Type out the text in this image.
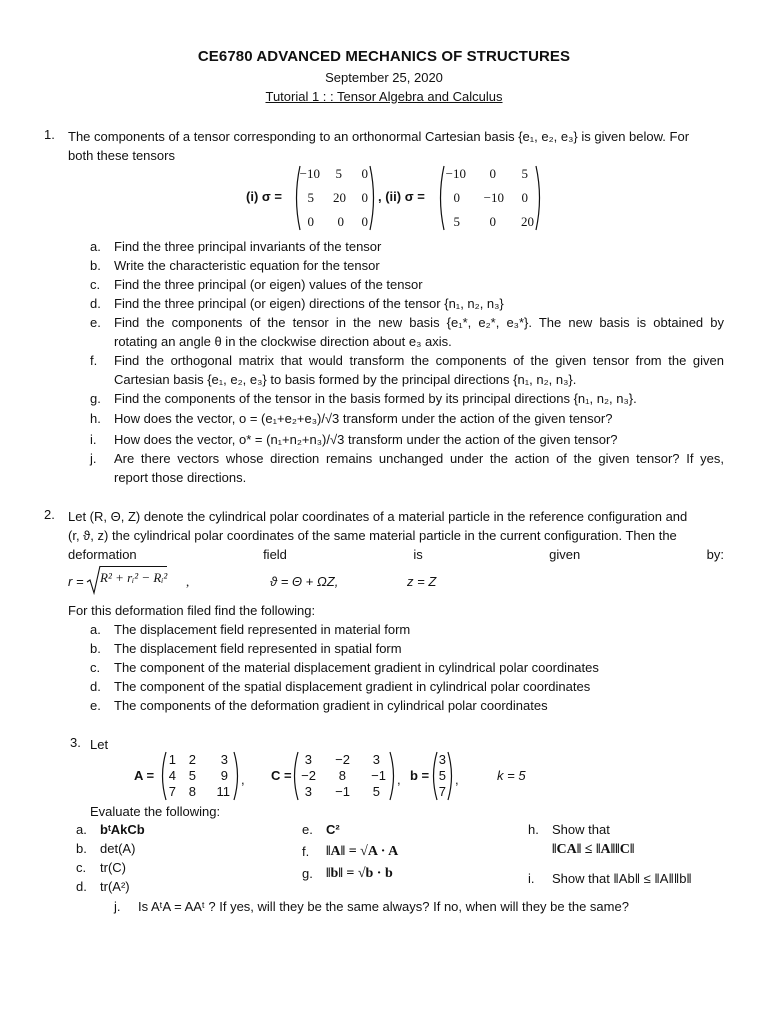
CE6780 ADVANCED MECHANICS OF STRUCTURES
September 25, 2020
Tutorial 1 : : Tensor Algebra and Calculus
1. The components of a tensor corresponding to an orthonormal Cartesian basis {e₁, e₂, e₃} is given below. For
both these tensors
(i) σ =
−10	5	0
5	20	0
0	0	0
, (ii) σ =
−10	0	5
0	−10	0
5	0	20
a. Find the three principal invariants of the tensor
b. Write the characteristic equation for the tensor
c. Find the three principal (or eigen) values of the tensor
d. Find the three principal (or eigen) directions of the tensor {n₁, n₂, n₃}
e. Find the components of the tensor in the new basis {e₁*, e₂*, e₃*}. The new basis is obtained by
rotating an angle θ in the clockwise direction about e₃ axis.
f. Find the orthogonal matrix that would transform the components of the given tensor from the given
Cartesian basis {e₁, e₂, e₃} to basis formed by the principal directions {n₁, n₂, n₃}.
g. Find the components of the tensor in the basis formed by its principal directions {n₁, n₂, n₃}.
h. How does the vector, o = (e₁+e₂+e₃)/√3 transform under the action of the given tensor?
i. How does the vector, o* = (n₁+n₂+n₃)/√3 transform under the action of the given tensor?
j. Are there vectors whose direction remains unchanged under the action of the given tensor? If yes,
report those directions.
2. Let (R, Θ, Z) denote the cylindrical polar coordinates of a material particle in the reference configuration and
(r, ϑ, z) the cylindrical polar coordinates of the same material particle in the current configuration. Then the
deformation	field	is	given	by:
r = R² + rᵢ² − Rᵢ² ,	ϑ = Θ + ΩZ,	z = Z
For this deformation filed find the following:
a. The displacement field represented in material form
b. The displacement field represented in spatial form
c. The component of the material displacement gradient in cylindrical polar coordinates
d. The component of the spatial displacement gradient in cylindrical polar coordinates
e. The components of the deformation gradient in cylindrical polar coordinates
3. Let
A =
1 2	3
4 5	9
7 8	11
, C =
3	−2	3
−2	8	−1
3	−1	5
, b =
3
5
7
,	k = 5
Evaluate the following:
a. bᵗAkCb
b. det(A)
c. tr(C)
d. tr(A²)
e. C²
f. ‖A‖ = √A · A
g. ‖b‖ = √b · b
h. Show that
‖CA‖ ≤ ‖A‖‖C‖
i. Show that ‖Ab‖ ≤ ‖A‖‖b‖
j. Is AᵗA = AAᵗ ? If yes, will they be the same always? If no, when will they be the same?
